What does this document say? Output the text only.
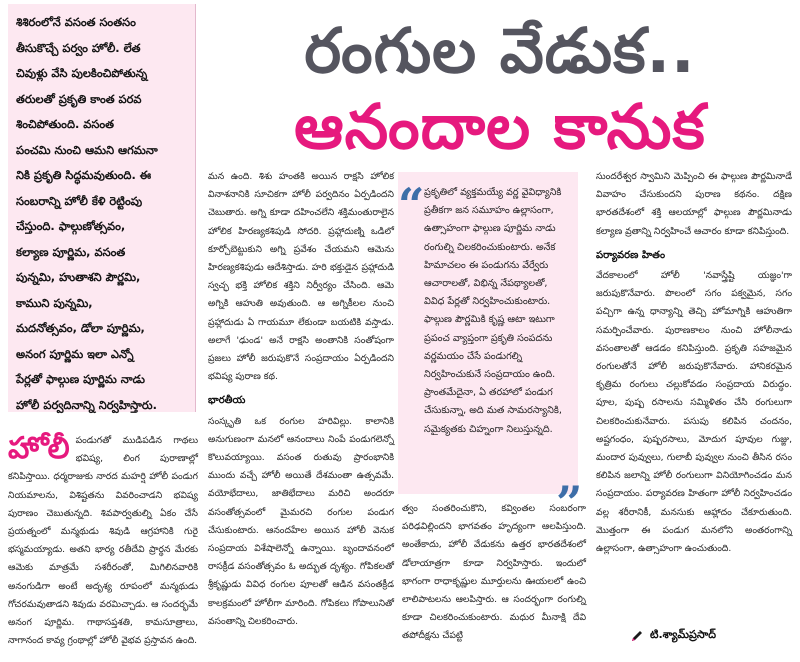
శిశిరంలోనే వసంత సంతసం

తీసుకొచ్చే పర్వం హోలీ. లేత

చివుళ్లు వేసి పులకించిపోతున్న

తరులతో ప్రకృతి కాంత పరవ

శించిపోతుంది. వసంత

పంచమి నుంచి ఆమని ఆగమనా

నికి ప్రకృతి సిద్ధమవుతుంది. ఈ

సంబరాన్ని హోలీ కేళి రెట్టింపు

చేస్తుంది. ఫాల్గుణోత్సవం,

కల్యాణ పూర్ణిమ, వసంత

పున్నమి, హుతాశని పౌర్ణమి,

కాముని పున్నమి,

మదనోత్సవం, డోలా పూర్ణిమ,

అనంగ పూర్ణిమ ఇలా ఎన్నో

పేర్లతో ఫాల్గుణ పూర్ణిమ నాడు

హోలీ పర్వదినాన్ని నిర్వహిస్తారు.

రంగుల వేడుక..
ఆనందాల కానుక
హోలీ పండుగతో ముడిపడిన గాథలు భవిష్య, లింగ పురాణాల్లో కనిపిస్తాయి. ధర్మరాజుకు నారద మహర్షి హోలీ పండుగ నియమాలను, విశిష్టతను వివరించాడని భవిష్య పురాణం చెబుతున్నది. శివపార్వతుల్ని ఏకం చేసే ప్రయత్నంలో మన్మథుడు శివుడి ఆగ్రహానికి గురై భస్మమయ్యాడు. అతని భార్య రతీదేవి ప్రార్థన మేరకు ఆమెకు మాత్రమే సశరీరంతో, మిగిలినవారికి అనంగుడిగా అంటే అదృశ్య రూపంలో మన్మథుడు గోచరమవుతాడని శివుడు వరమిచ్చాడు. ఆ సందర్భమే అనంగ పూర్ణిమ. గాథాసప్తశతి, కామసూత్రాలు, నాగానంద కావ్య గ్రంథాల్లో హోలీ వైభవ ప్రస్తావన ఉంది.

మన ఉంది. శిశు హంతకి అయిన రాక్షసి హోలిక వినాశనానికి సూచికగా హోలీ పర్వదినం ఏర్పడిందని చెబుతారు. అగ్ని కూడా దహించలేని శక్తిమంతురాలైన హోలిక హిరణ్యకశిపుడి సోదరి. ప్రహ్లాదుణ్ని ఒడిలో కూర్చోబెట్టుకుని అగ్ని ప్రవేశం చేయమని ఆమెను హిరణ్యకశిపుడు ఆదేశిస్తాడు. హరి భక్తుడైన ప్రహ్లాదుడి స్వచ్ఛ భక్తి హోలిక శక్తిని నిర్వీర్యం చేసింది. ఆమె అగ్నికి ఆహుతి అవుతుంది. ఆ అగ్నికీలల నుంచి ప్రహ్లాదుడు ఏ గాయమూ లేకుండా బయటికి వస్తాడు. అలాగే 'ఢుండ' అనే రాక్షసి అంతానికి సంతోషంగా ప్రజలు హోలీ జరుపుకొనే సంప్రదాయం ఏర్పడిందని భవిష్య పురాణ కథ.

భారతీయ

సంస్కృతి ఒక రంగుల హరివిల్లు. కాలానికి అనుగుణంగా మనలో ఆనందాలు నింపే పండుగలెన్నో కొలువయ్యాయి. వసంత రుతువు ప్రారంభానికి ముందు వచ్చే హోలీ అయితే దేశమంతా ఉత్సవమే. వయోభేదాలు, జాతిభేదాలు మరిచి అందరూ వసంతోత్సవంలో మైమరచి రంగుల పండుగ చేసుకుంటారు. ఆనందహేల అయిన హోలీ వెనుక సంప్రదాయ విశేషాలెన్నో ఉన్నాయి. బృందావనంలో రాసక్రీడ వసంతోత్సవం ఓ అద్భుత దృశ్యం. గోపికలతో శ్రీకృష్ణుడు వివిధ రంగుల పూలతో ఆడిన వసంతక్రీడ కాలక్రమంలో హోలీగా మారింది. గోపికలు గోపాలునితో వసంతాన్ని చిలకరించారు.

ప్రకృతిలో వ్యక్తమయ్యే వర్ణ వైవిధ్యానికి ప్రతీకగా జన సమూహం ఉల్లాసంగా, ఉత్సాహంగా ఫాల్గుణ పూర్ణిమ నాడు రంగుల్ని చిలకరించుకుంటారు. అనేక హిమాచలం ఈ పండుగను వేర్వేరు ఆచారాలతో, విభిన్న నేపథ్యాలతో, వివిధ పేర్లతో నిర్వహించుకుంటారు. ఫాల్గుణ పౌర్ణమికి కృష్ణ ఆటా ఇటుగా ప్రపంచ వ్యాప్తంగా ప్రకృతి సంపదను వర్ణమయం చేసే పండుగల్ని నిర్వహించుకునే సంప్రదాయం ఉంది. ప్రాంతమేదైనా, ఏ తరహాలో పండుగ చేసుకున్నా, అది మత సామరస్యానికి, సమైక్యతకు చిహ్నంగా నిలుస్తున్నది.

“
”

త్వం సంతరించుకొని, కవ్వింతల సంబరంగా పరిఢవిల్లిందని భాగవతం హృద్యంగా ఆలపిస్తుంది. అంతేకాదు, హోలీ వేడుకను ఉత్తర భారతదేశంలో డోలాయాత్రగా కూడా నిర్వహిస్తారు. ఇందులో భాగంగా రాధాకృష్ణుల మూర్తులను ఊయలలో ఉంచి లాలిపాటలను ఆలపిస్తారు. ఆ సందర్భంగా రంగుల్ని కూడా చిలకరించుకుంటారు. మధుర మీనాక్షి దేవి తపోదీక్షను చేపట్టి

సుందరేశ్వర స్వామిని మెప్పించి ఈ ఫాల్గుణ పౌర్ణమినాడే వివాహం చేసుకుందని పురాణ కథనం. దక్షిణ భారతదేశంలో శక్తి ఆలయాల్లో ఫాల్గుణ పౌర్ణమినాడు కల్యాణ వ్రతాన్ని నిర్వహించే ఆచారం కూడా కనిపిస్తుంది.

పర్యావరణ హితం

వేదకాలంలో హోలీ 'నవాస్త్రేష్టి యజ్ఞం'గా జరుపుకొనేవారు. పొలంలో సగం పక్వమైన, సగం పచ్చిగా ఉన్న ధాన్యాన్ని తెచ్చి హోమాగ్నికి ఆహుతిగా సమర్పించేవారు. పురాణకాలం నుంచి హోలీనాడు వసంతాలతో ఆడడం కనిపిస్తుంది. ప్రకృతి సహజమైన రంగులతోనే హోలీ జరుపుకొనేవారు. హానికరమైన కృత్రిమ రంగులు చల్లుకోవడం సంప్రదాయ విరుద్ధం. పూల, పుష్ప రసాలను సమ్మిళితం చేసి రంగులుగా చిలకరించుకునేవారు. పసుపు కలిపిన చందనం, అష్టగంధం, పుష్పరసాలు, మోదుగ పూవుల గుజ్జు, మందార పువ్వులు, గులాబీ పువ్వుల నుంచి తీసిన రసం కలిపిన జలాన్ని హోలీ రంగులుగా వినియోగించడం మన సంప్రదాయం. పర్యావరణ హితంగా హోలీ నిర్వహించడం వల్ల శరీరానికీ, మనసుకు ఆహ్లాదం చేకూరుతుంది. మొత్తంగా ఈ పండుగ మనలోని అంతరంగాన్ని ఉల్లాసంగా, ఉత్సాహంగా ఉంచుతుంది.

టి.శ్యామ్‌ప్రసాద్
